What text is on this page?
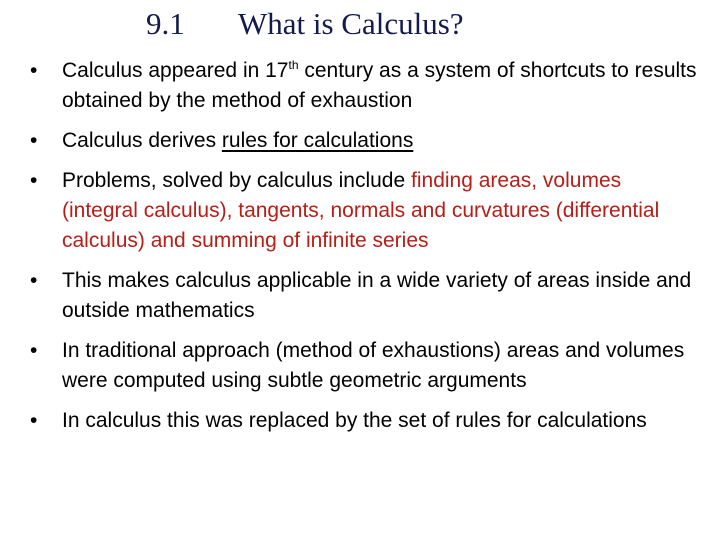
9.1 What is Calculus?
• Calculus appeared in 17th century as a system of shortcuts to results obtained by the method of exhaustion
• Calculus derives rules for calculations
• Problems, solved by calculus include finding areas, volumes (integral calculus), tangents, normals and curvatures (differential calculus) and summing of infinite series
• This makes calculus applicable in a wide variety of areas inside and outside mathematics
• In traditional approach (method of exhaustions) areas and volumes were computed using subtle geometric arguments
• In calculus this was replaced by the set of rules for calculations
